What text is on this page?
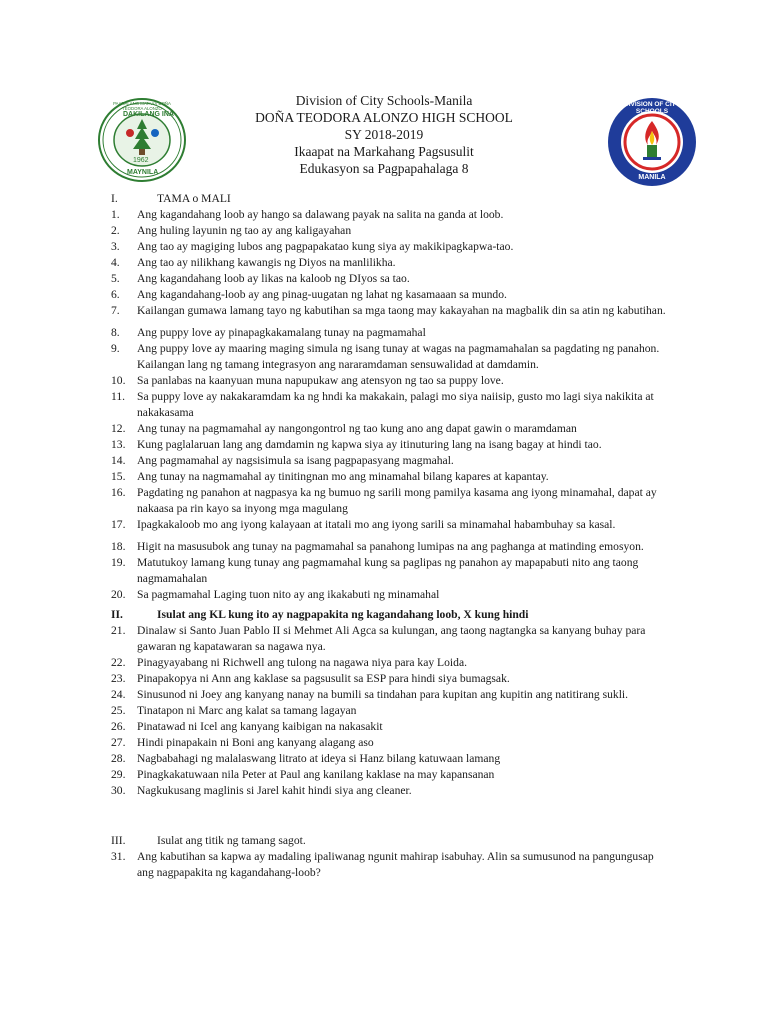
DAKILANG INA
PAARALANG MATAAS DOÑA TEODORA ALONZO
1962
MAYNILA
DIVISION OF CITY SCHOOLS
MANILA
Division of City Schools-Manila
DOÑA TEODORA ALONZO HIGH SCHOOL
SY 2018-2019
Ikaapat na Markahang Pagsusulit
Edukasyon sa Pagpapahalaga 8
I.	TAMA o MALI
1.	Ang kagandahang loob ay hango sa dalawang payak na salita na ganda at loob.
2.	Ang huling layunin ng tao ay ang kaligayahan
3.	Ang tao ay magiging lubos ang pagpapakatao kung siya ay makikipagkapwa-tao.
4.	Ang tao ay nilikhang kawangis ng Diyos na manlilikha.
5.	Ang kagandahang loob ay likas na kaloob ng DIyos sa tao.
6.	Ang kagandahang-loob ay ang pinag-uugatan ng lahat ng kasamaaan sa mundo.
7.	Kailangan gumawa lamang tayo ng kabutihan sa mga taong may kakayahan na magbalik din sa atin ng kabutihan.
8.	Ang puppy love ay pinapagkakamalang tunay na pagmamahal
9.	Ang puppy love ay maaring maging simula ng isang tunay at wagas na pagmamahalan sa pagdating ng panahon. Kailangan lang ng tamang integrasyon ang nararamdaman sensuwalidad at damdamin.
10. Sa panlabas na kaanyuan muna napupukaw ang atensyon ng tao sa puppy love.
11.	Sa puppy love ay nakakaramdam ka ng hndi ka makakain, palagi mo siya naiisip, gusto mo lagi siya nakikita at nakakasama
12. Ang tunay na pagmamahal ay nangongontrol ng tao kung ano ang dapat gawin o maramdaman
13. Kung paglalaruan lang ang damdamin ng kapwa siya ay itinuturing lang na isang bagay at hindi tao.
14. Ang pagmamahal ay nagsisimula sa isang pagpapasyang magmahal.
15. Ang tunay na nagmamahal ay tinitingnan mo ang minamahal bilang kapares at kapantay.
16. Pagdating ng panahon at nagpasya ka ng bumuo ng sarili mong pamilya kasama ang iyong minamahal, dapat ay nakaasa pa rin kayo sa inyong mga magulang
17. Ipagkakaloob mo ang iyong kalayaan at itatali mo ang iyong sarili sa minamahal habambuhay sa kasal.
18. Higit na masusubok ang tunay na pagmamahal sa panahong lumipas na ang paghanga at matinding emosyon.
19. Matutukoy lamang kung tunay ang pagmamahal kung sa paglipas ng panahon ay mapapabuti nito ang taong nagmamahalan
20. Sa pagmamahal Laging tuon nito ay ang ikakabuti ng minamahal
II.	Isulat ang KL kung ito ay nagpapakita ng kagandahang loob, X kung hindi
21. Dinalaw si Santo Juan Pablo II si Mehmet Ali Agca sa kulungan, ang taong nagtangka sa kanyang buhay para gawaran ng kapatawaran sa nagawa nya.
22. Pinagyayabang ni Richwell ang tulong na nagawa niya para kay Loida.
23. Pinapakopya ni Ann ang kaklase sa pagsusulit sa ESP para hindi siya bumagsak.
24. Sinusunod ni Joey ang kanyang nanay na bumili sa tindahan para kupitan ang kupitin ang natitirang sukli.
25. Tinatapon ni Marc ang kalat sa tamang lagayan
26. Pinatawad ni Icel ang kanyang kaibigan na nakasakit
27. Hindi pinapakain ni Boni ang kanyang alagang aso
28. Nagbabahagi ng malalaswang litrato at ideya si Hanz bilang katuwaan lamang
29. Pinagkakatuwaan nila Peter at Paul ang kanilang kaklase na may kapansanan
30. Nagkukusang maglinis si Jarel kahit hindi siya ang cleaner.
III.	Isulat ang titik ng tamang sagot.
31. Ang kabutihan sa kapwa ay madaling ipaliwanag ngunit mahirap isabuhay. Alin sa sumusunod na pangungusap ang nagpapakita ng kagandahang-loob?
